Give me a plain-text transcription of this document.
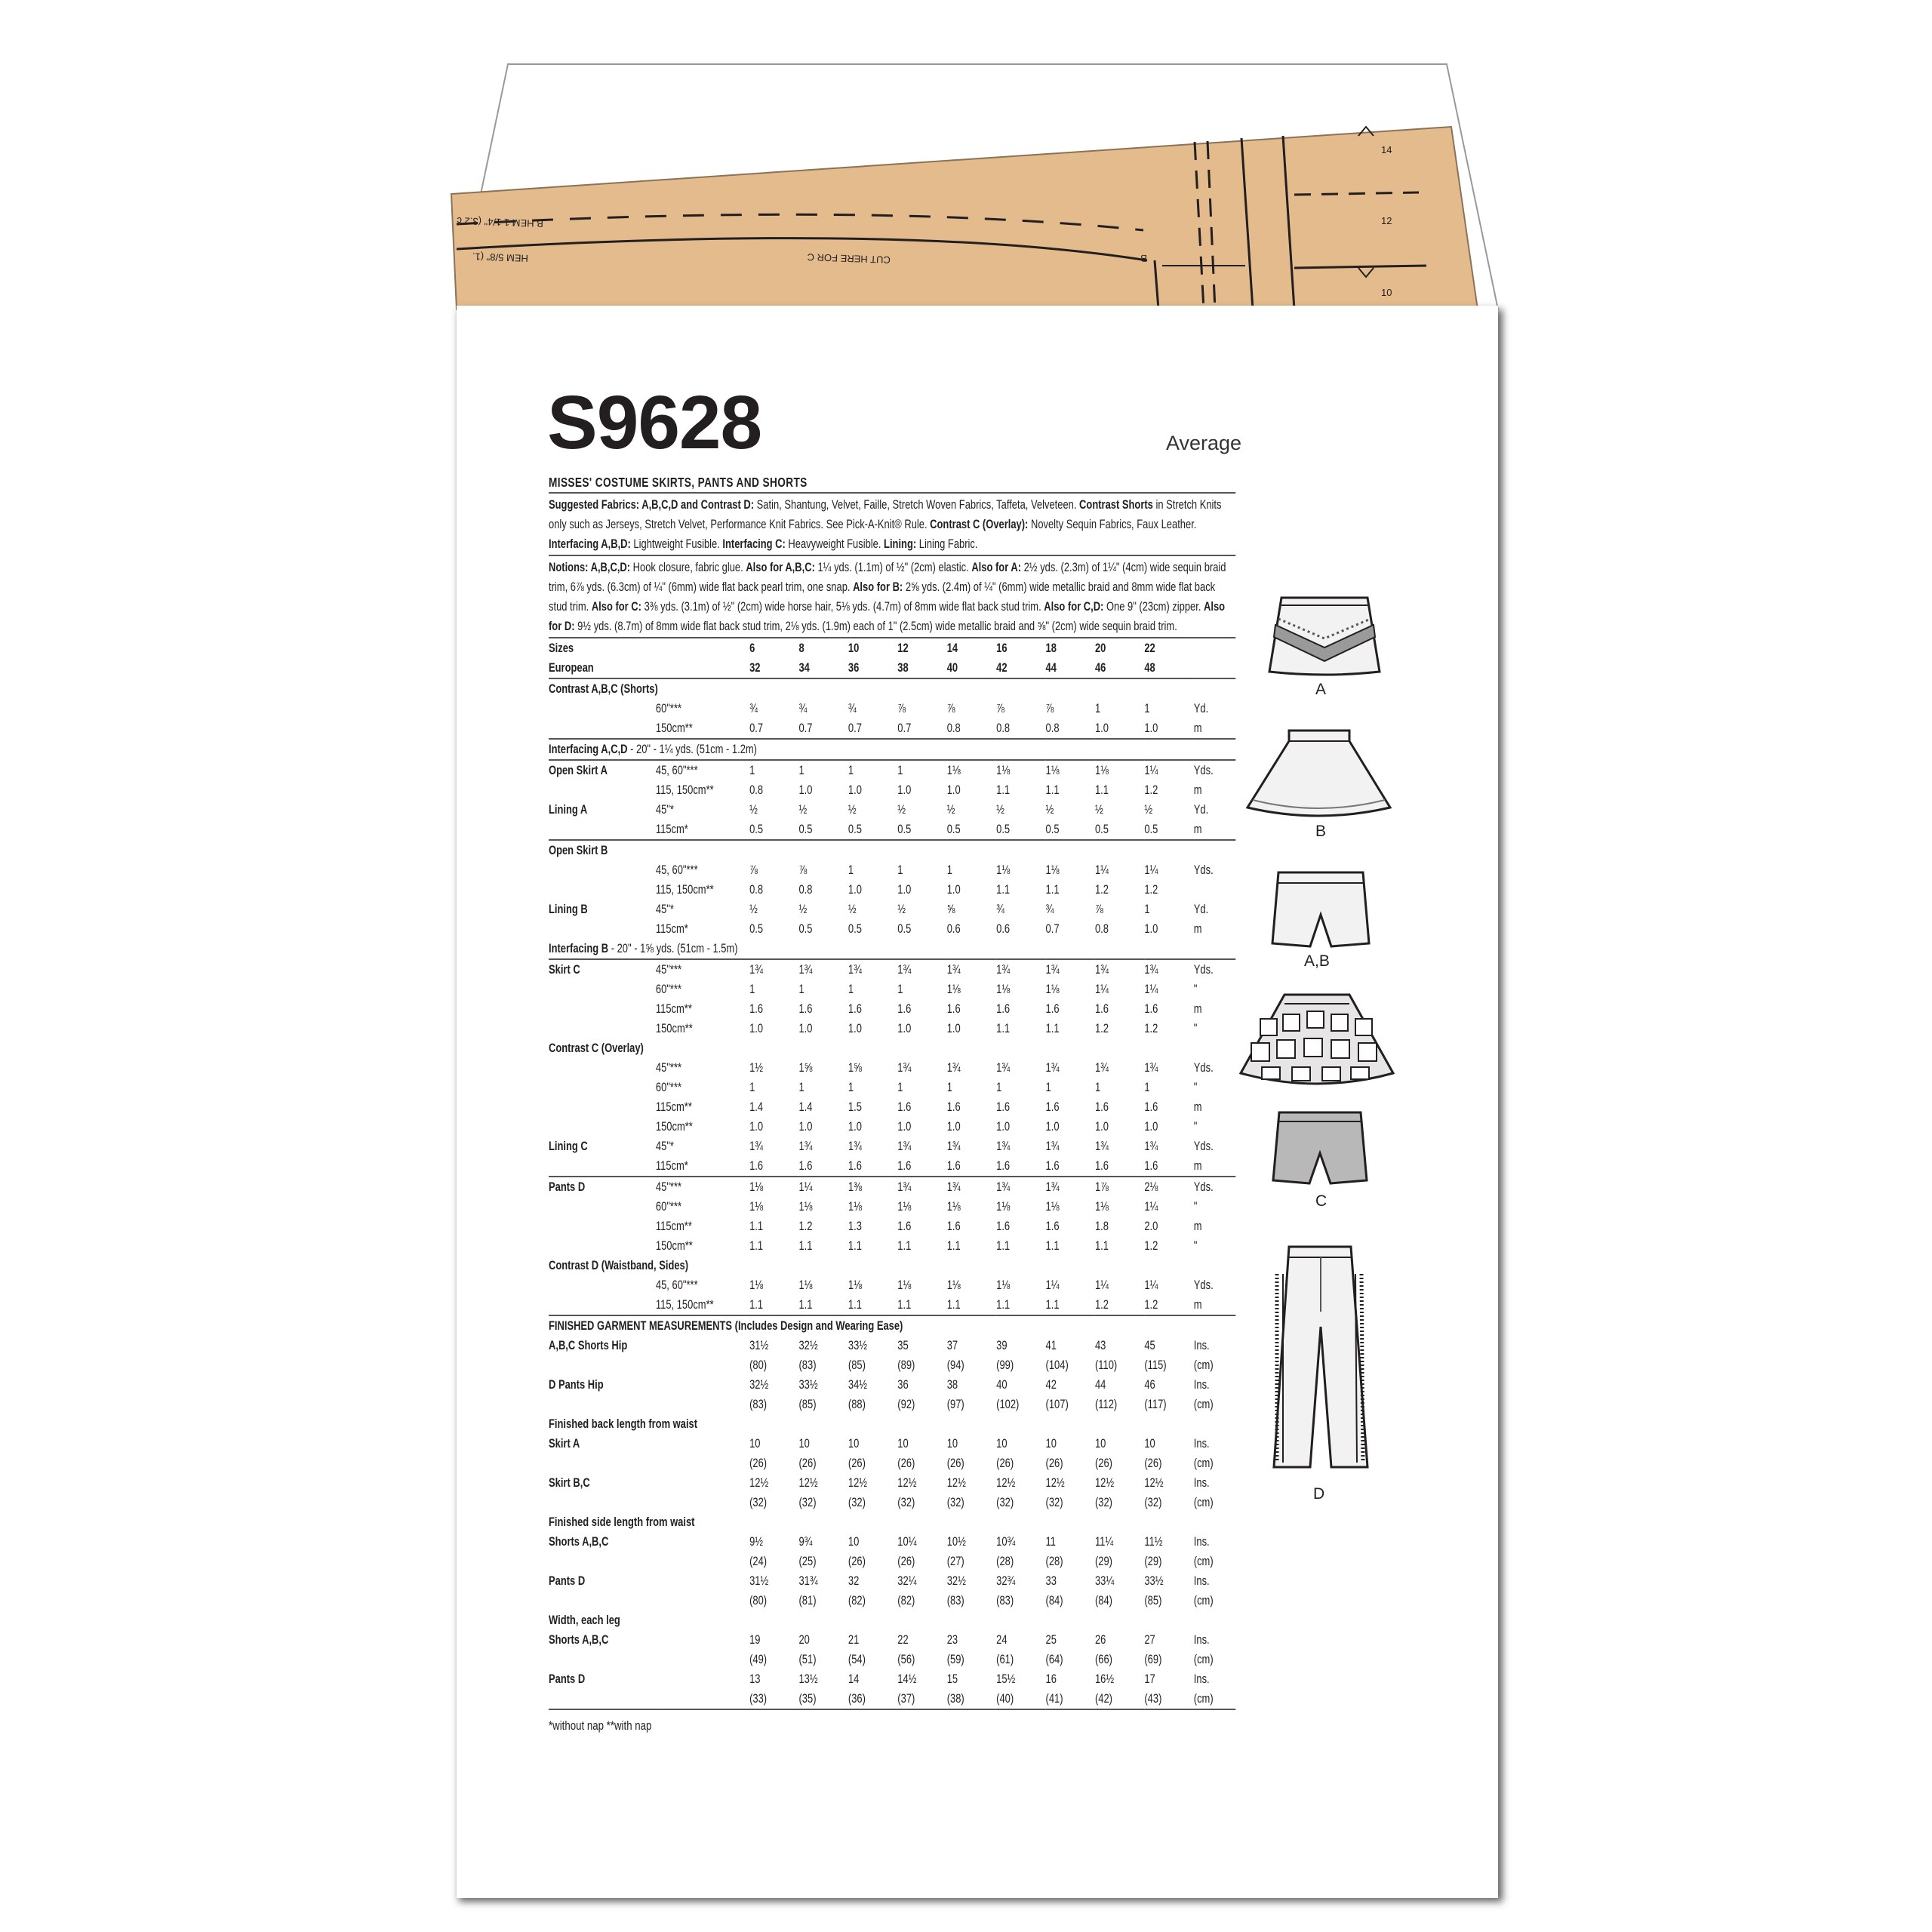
B HEM 1 1/4" (3.2 c
HEM 5/8" (1.	CUT HERE FOR C	B
14
12
10
S9628	Average

MISSES' COSTUME SKIRTS, PANTS AND SHORTS

Suggested Fabrics: A,B,C,D and Contrast D: Satin, Shantung, Velvet, Faille, Stretch Woven Fabrics, Taffeta, Velveteen. Contrast Shorts in Stretch Knits only such as Jerseys, Stretch Velvet, Performance Knit Fabrics. See Pick-A-Knit® Rule. Contrast C (Overlay): Novelty Sequin Fabrics, Faux Leather. Interfacing A,B,D: Lightweight Fusible. Interfacing C: Heavyweight Fusible. Lining: Lining Fabric.

Notions: A,B,C,D: Hook closure, fabric glue. Also for A,B,C: 1¼ yds. (1.1m) of ½" (2cm) elastic. Also for A: 2½ yds. (2.3m) of 1¼" (4cm) wide sequin braid trim, 6⅞ yds. (6.3cm) of ¼" (6mm) wide flat back pearl trim, one snap. Also for B: 2⅝ yds. (2.4m) of ¼" (6mm) wide metallic braid and 8mm wide flat back stud trim. Also for C: 3⅜ yds. (3.1m) of ½" (2cm) wide horse hair, 5⅛ yds. (4.7m) of 8mm wide flat back stud trim. Also for C,D: One 9" (23cm) zipper. Also for D: 9½ yds. (8.7m) of 8mm wide flat back stud trim, 2⅛ yds. (1.9m) each of 1" (2.5cm) wide metallic braid and ⅝" (2cm) wide sequin braid trim.

Sizes		6	8	10	12	14	16	18	20	22	
European		32	34	36	38	40	42	44	46	48	
Contrast A,B,C (Shorts)											
	60"***	¾	¾	¾	⅞	⅞	⅞	⅞	1	1	Yd.
	150cm**	0.7	0.7	0.7	0.7	0.8	0.8	0.8	1.0	1.0	m
Interfacing A,C,D - 20" - 1¼ yds. (51cm - 1.2m)											
Open Skirt A	45, 60"***	1	1	1	1	1⅛	1⅛	1⅛	1⅛	1¼	Yds.
	115, 150cm**	0.8	1.0	1.0	1.0	1.0	1.1	1.1	1.1	1.2	m
Lining A	45"*	½	½	½	½	½	½	½	½	½	Yd.
	115cm*	0.5	0.5	0.5	0.5	0.5	0.5	0.5	0.5	0.5	m
Open Skirt B											
	45, 60"***	⅞	⅞	1	1	1	1⅛	1⅛	1¼	1¼	Yds.
	115, 150cm**	0.8	0.8	1.0	1.0	1.0	1.1	1.1	1.2	1.2	
Lining B	45"*	½	½	½	½	⅝	¾	¾	⅞	1	Yd.
	115cm*	0.5	0.5	0.5	0.5	0.6	0.6	0.7	0.8	1.0	m
Interfacing B - 20" - 1⅝ yds. (51cm - 1.5m)											
Skirt C	45"***	1¾	1¾	1¾	1¾	1¾	1¾	1¾	1¾	1¾	Yds.
	60"***	1	1	1	1	1⅛	1⅛	1⅛	1¼	1¼	"
	115cm**	1.6	1.6	1.6	1.6	1.6	1.6	1.6	1.6	1.6	m
	150cm**	1.0	1.0	1.0	1.0	1.0	1.1	1.1	1.2	1.2	"
Contrast C (Overlay)											
	45"***	1½	1⅝	1⅝	1¾	1¾	1¾	1¾	1¾	1¾	Yds.
	60"***	1	1	1	1	1	1	1	1	1	"
	115cm**	1.4	1.4	1.5	1.6	1.6	1.6	1.6	1.6	1.6	m
	150cm**	1.0	1.0	1.0	1.0	1.0	1.0	1.0	1.0	1.0	"
Lining C	45"*	1¾	1¾	1¾	1¾	1¾	1¾	1¾	1¾	1¾	Yds.
	115cm*	1.6	1.6	1.6	1.6	1.6	1.6	1.6	1.6	1.6	m
Pants D	45"***	1⅛	1¼	1⅜	1¾	1¾	1¾	1¾	1⅞	2⅛	Yds.
	60"***	1⅛	1⅛	1⅛	1⅛	1⅛	1⅛	1⅛	1⅛	1¼	"
	115cm**	1.1	1.2	1.3	1.6	1.6	1.6	1.6	1.8	2.0	m
	150cm**	1.1	1.1	1.1	1.1	1.1	1.1	1.1	1.1	1.2	"
Contrast D (Waistband, Sides)											
	45, 60"***	1⅛	1⅛	1⅛	1⅛	1⅛	1⅛	1¼	1¼	1¼	Yds.
	115, 150cm**	1.1	1.1	1.1	1.1	1.1	1.1	1.1	1.2	1.2	m
FINISHED GARMENT MEASUREMENTS (Includes Design and Wearing Ease)											
A,B,C Shorts Hip		31½	32½	33½	35	37	39	41	43	45	Ins.
		(80)	(83)	(85)	(89)	(94)	(99)	(104)	(110)	(115)	(cm)
D Pants Hip		32½	33½	34½	36	38	40	42	44	46	Ins.
		(83)	(85)	(88)	(92)	(97)	(102)	(107)	(112)	(117)	(cm)
Finished back length from waist											
Skirt A		10	10	10	10	10	10	10	10	10	Ins.
		(26)	(26)	(26)	(26)	(26)	(26)	(26)	(26)	(26)	(cm)
Skirt B,C		12½	12½	12½	12½	12½	12½	12½	12½	12½	Ins.
		(32)	(32)	(32)	(32)	(32)	(32)	(32)	(32)	(32)	(cm)
Finished side length from waist											
Shorts A,B,C		9½	9¾	10	10¼	10½	10¾	11	11¼	11½	Ins.
		(24)	(25)	(26)	(26)	(27)	(28)	(28)	(29)	(29)	(cm)
Pants D		31½	31¾	32	32¼	32½	32¾	33	33¼	33½	Ins.
		(80)	(81)	(82)	(82)	(83)	(83)	(84)	(84)	(85)	(cm)
Width, each leg											
Shorts A,B,C		19	20	21	22	23	24	25	26	27	Ins.
		(49)	(51)	(54)	(56)	(59)	(61)	(64)	(66)	(69)	(cm)
Pants D		13	13½	14	14½	15	15½	16	16½	17	Ins.
		(33)	(35)	(36)	(37)	(38)	(40)	(41)	(42)	(43)	(cm)

*without nap **with nap

A
B
A,B
C
D
